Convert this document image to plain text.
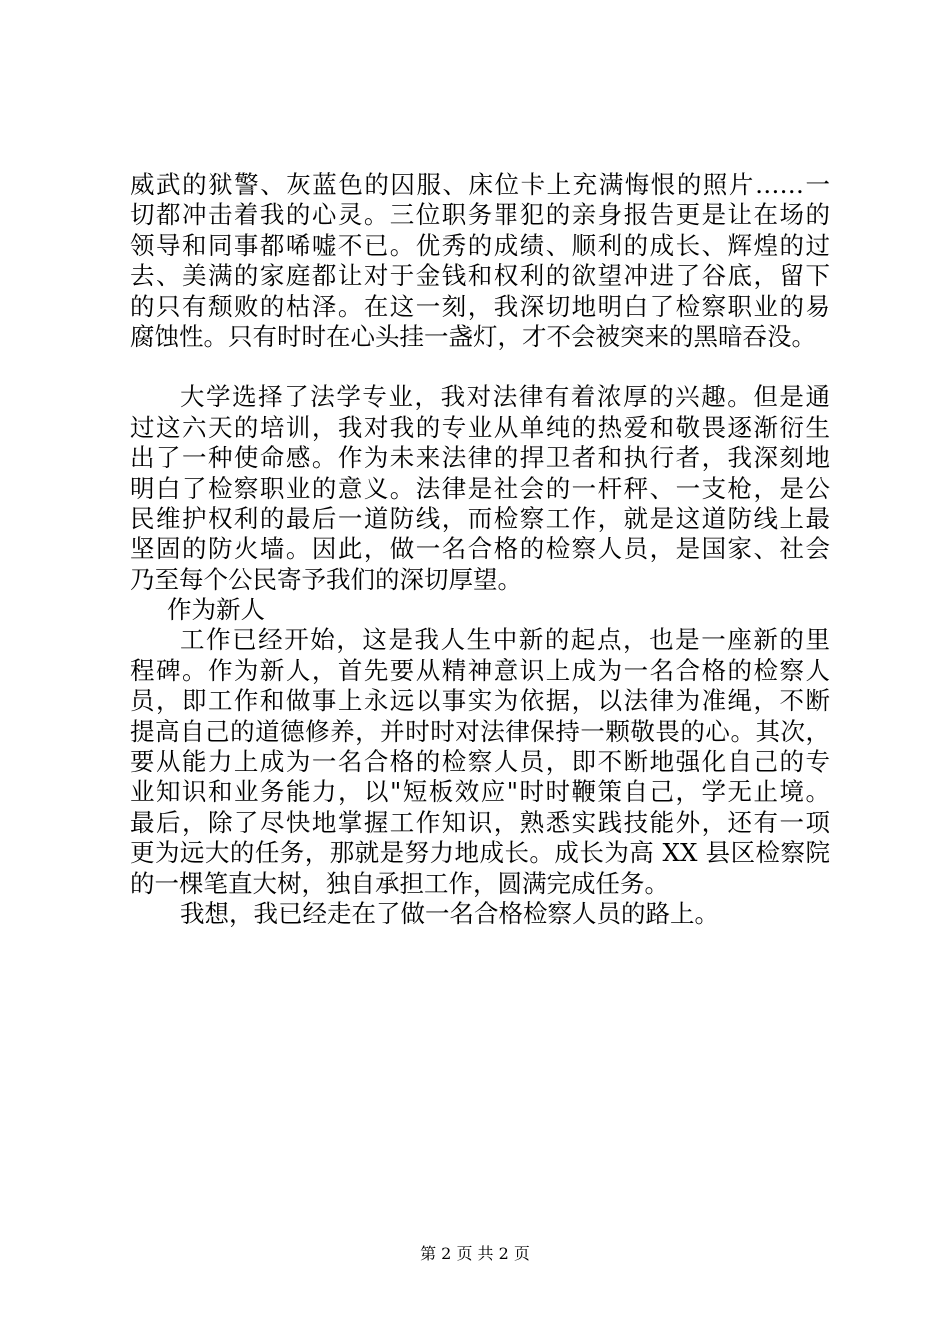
威武的狱警、灰蓝色的囚服、床位卡上充满悔恨的照片……一
切都冲击着我的心灵。三位职务罪犯的亲身报告更是让在场的
领导和同事都唏嘘不已。优秀的成绩、顺利的成长、辉煌的过
去、美满的家庭都让对于金钱和权利的欲望冲进了谷底，留下
的只有颓败的枯泽。在这一刻，我深切地明白了检察职业的易
腐蚀性。只有时时在心头挂一盏灯，才不会被突来的黑暗吞没。
大学选择了法学专业，我对法律有着浓厚的兴趣。但是通
过这六天的培训，我对我的专业从单纯的热爱和敬畏逐渐衍生
出了一种使命感。作为未来法律的捍卫者和执行者，我深刻地
明白了检察职业的意义。法律是社会的一杆秤、一支枪，是公
民维护权利的最后一道防线，而检察工作，就是这道防线上最
坚固的防火墙。因此，做一名合格的检察人员，是国家、社会
乃至每个公民寄予我们的深切厚望。
作为新人
工作已经开始，这是我人生中新的起点，也是一座新的里
程碑。作为新人，首先要从精神意识上成为一名合格的检察人
员，即工作和做事上永远以事实为依据，以法律为准绳，不断
提高自己的道德修养，并时时对法律保持一颗敬畏的心。其次，
要从能力上成为一名合格的检察人员，即不断地强化自己的专
业知识和业务能力，以"短板效应"时时鞭策自己，学无止境。
最后，除了尽快地掌握工作知识，熟悉实践技能外，还有一项
更为远大的任务，那就是努力地成长。成长为高 XX 县区检察院
的一棵笔直大树，独自承担工作，圆满完成任务。
我想，我已经走在了做一名合格检察人员的路上。
第 2 页 共 2 页
